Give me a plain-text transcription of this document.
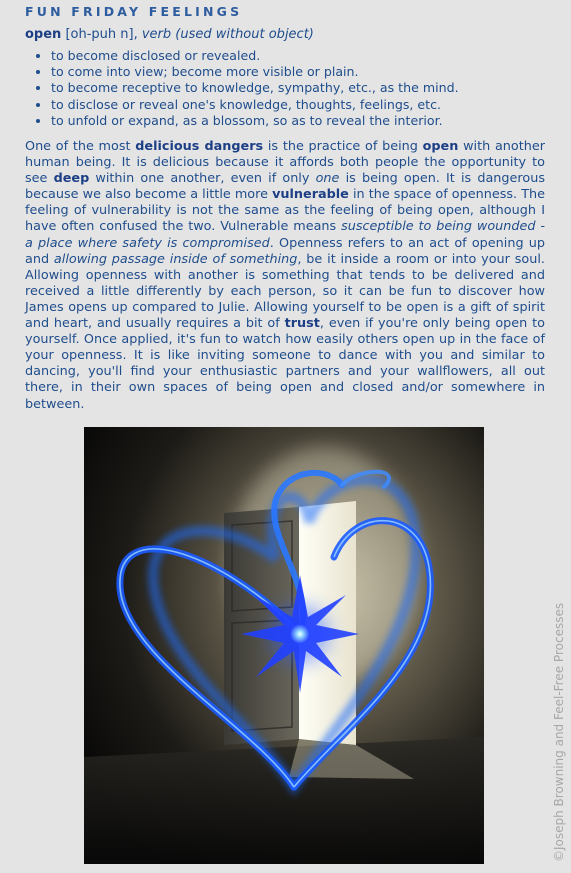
FUN FRIDAY FEELINGS
open [oh-puh n], verb (used without object)
• to become disclosed or revealed.
• to come into view; become more visible or plain.
• to become receptive to knowledge, sympathy, etc., as the mind.
• to disclose or reveal one's knowledge, thoughts, feelings, etc.
• to unfold or expand, as a blossom, so as to reveal the interior.

One of the most delicious dangers is the practice of being open with another human being. It is delicious because it affords both people the opportunity to see deep within one another, even if only one is being open. It is dangerous because we also become a little more vulnerable in the space of openness. The feeling of vulnerability is not the same as the feeling of being open, although I have often confused the two. Vulnerable means susceptible to being wounded - a place where safety is compromised. Openness refers to an act of opening up and allowing passage inside of something, be it inside a room or into your soul. Allowing openness with another is something that tends to be delivered and received a little differently by each person, so it can be fun to discover how James opens up compared to Julie. Allowing yourself to be open is a gift of spirit and heart, and usually requires a bit of trust, even if you're only being open to yourself. Once applied, it's fun to watch how easily others open up in the face of your openness. It is like inviting someone to dance with you and similar to dancing, you'll find your enthusiastic partners and your wallflowers, all out there, in their own spaces of being open and closed and/or somewhere in between.

©Joseph Browning and Feel-Free Processes
